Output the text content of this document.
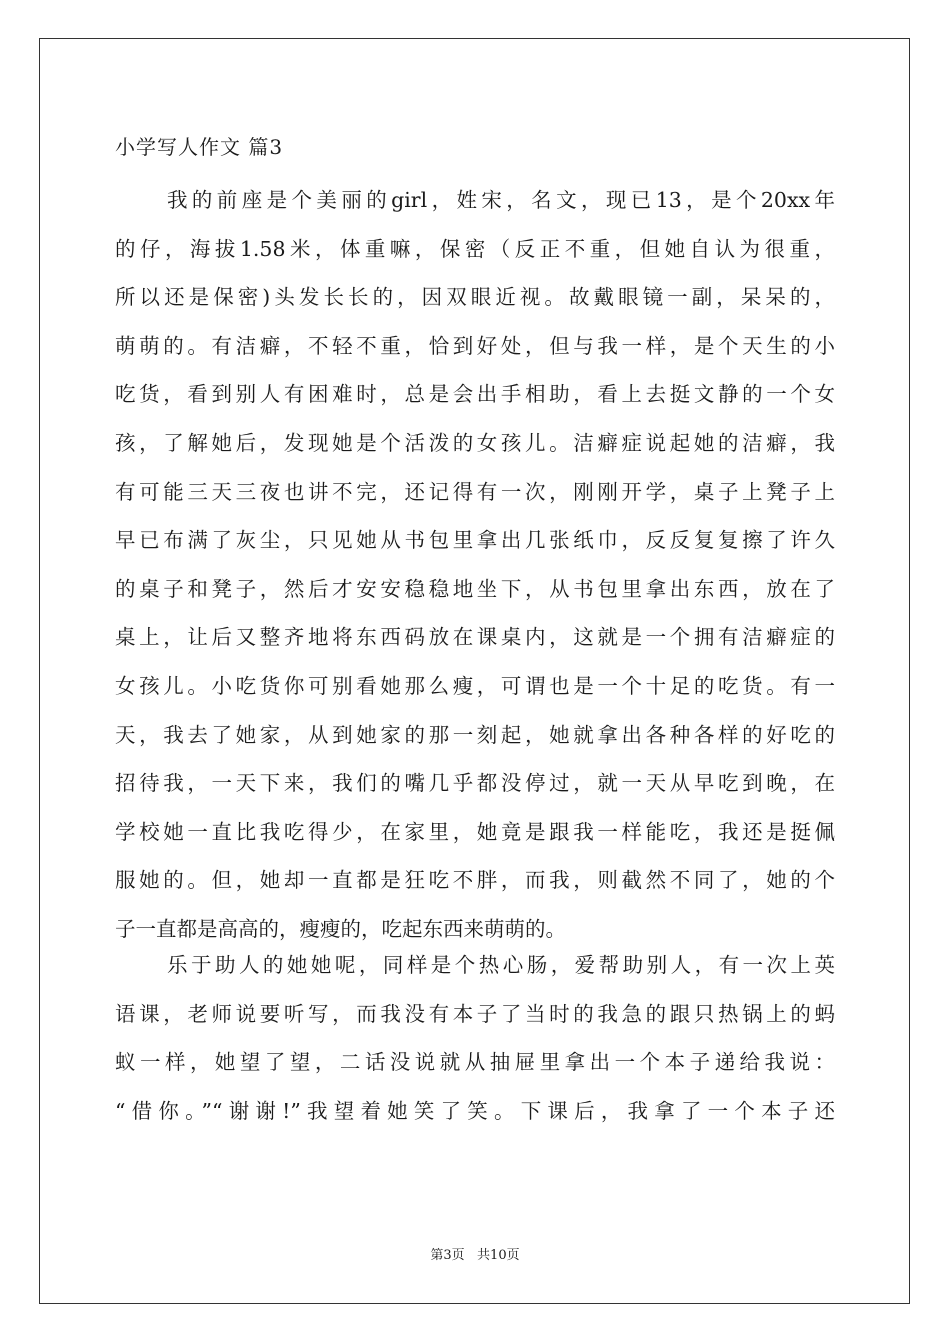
小学写人作文 篇3
我的前座是个美丽的girl，姓宋，名文，现已13，是个20xx年
的仔，海拔1.58米，体重嘛，保密（反正不重，但她自认为很重，
所以还是保密)头发长长的，因双眼近视。故戴眼镜一副，呆呆的，
萌萌的。有洁癖，不轻不重，恰到好处，但与我一样，是个天生的小
吃货，看到别人有困难时，总是会出手相助，看上去挺文静的一个女
孩，了解她后，发现她是个活泼的女孩儿。洁癖症说起她的洁癖，我
有可能三天三夜也讲不完，还记得有一次，刚刚开学，桌子上凳子上
早已布满了灰尘，只见她从书包里拿出几张纸巾，反反复复擦了许久
的桌子和凳子，然后才安安稳稳地坐下，从书包里拿出东西，放在了
桌上，让后又整齐地将东西码放在课桌内，这就是一个拥有洁癖症的
女孩儿。小吃货你可别看她那么瘦，可谓也是一个十足的吃货。有一
天，我去了她家，从到她家的那一刻起，她就拿出各种各样的好吃的
招待我，一天下来，我们的嘴几乎都没停过，就一天从早吃到晚，在
学校她一直比我吃得少，在家里，她竟是跟我一样能吃，我还是挺佩
服她的。但，她却一直都是狂吃不胖，而我，则截然不同了，她的个
子一直都是高高的，瘦瘦的，吃起东西来萌萌的。
乐于助人的她她呢，同样是个热心肠，爱帮助别人，有一次上英
语课，老师说要听写，而我没有本子了当时的我急的跟只热锅上的蚂
蚁一样，她望了望，二话没说就从抽屉里拿出一个本子递给我说：
“借你。”“谢谢!”我望着她笑了笑。下课后，我拿了一个本子还
第3页   共10页
